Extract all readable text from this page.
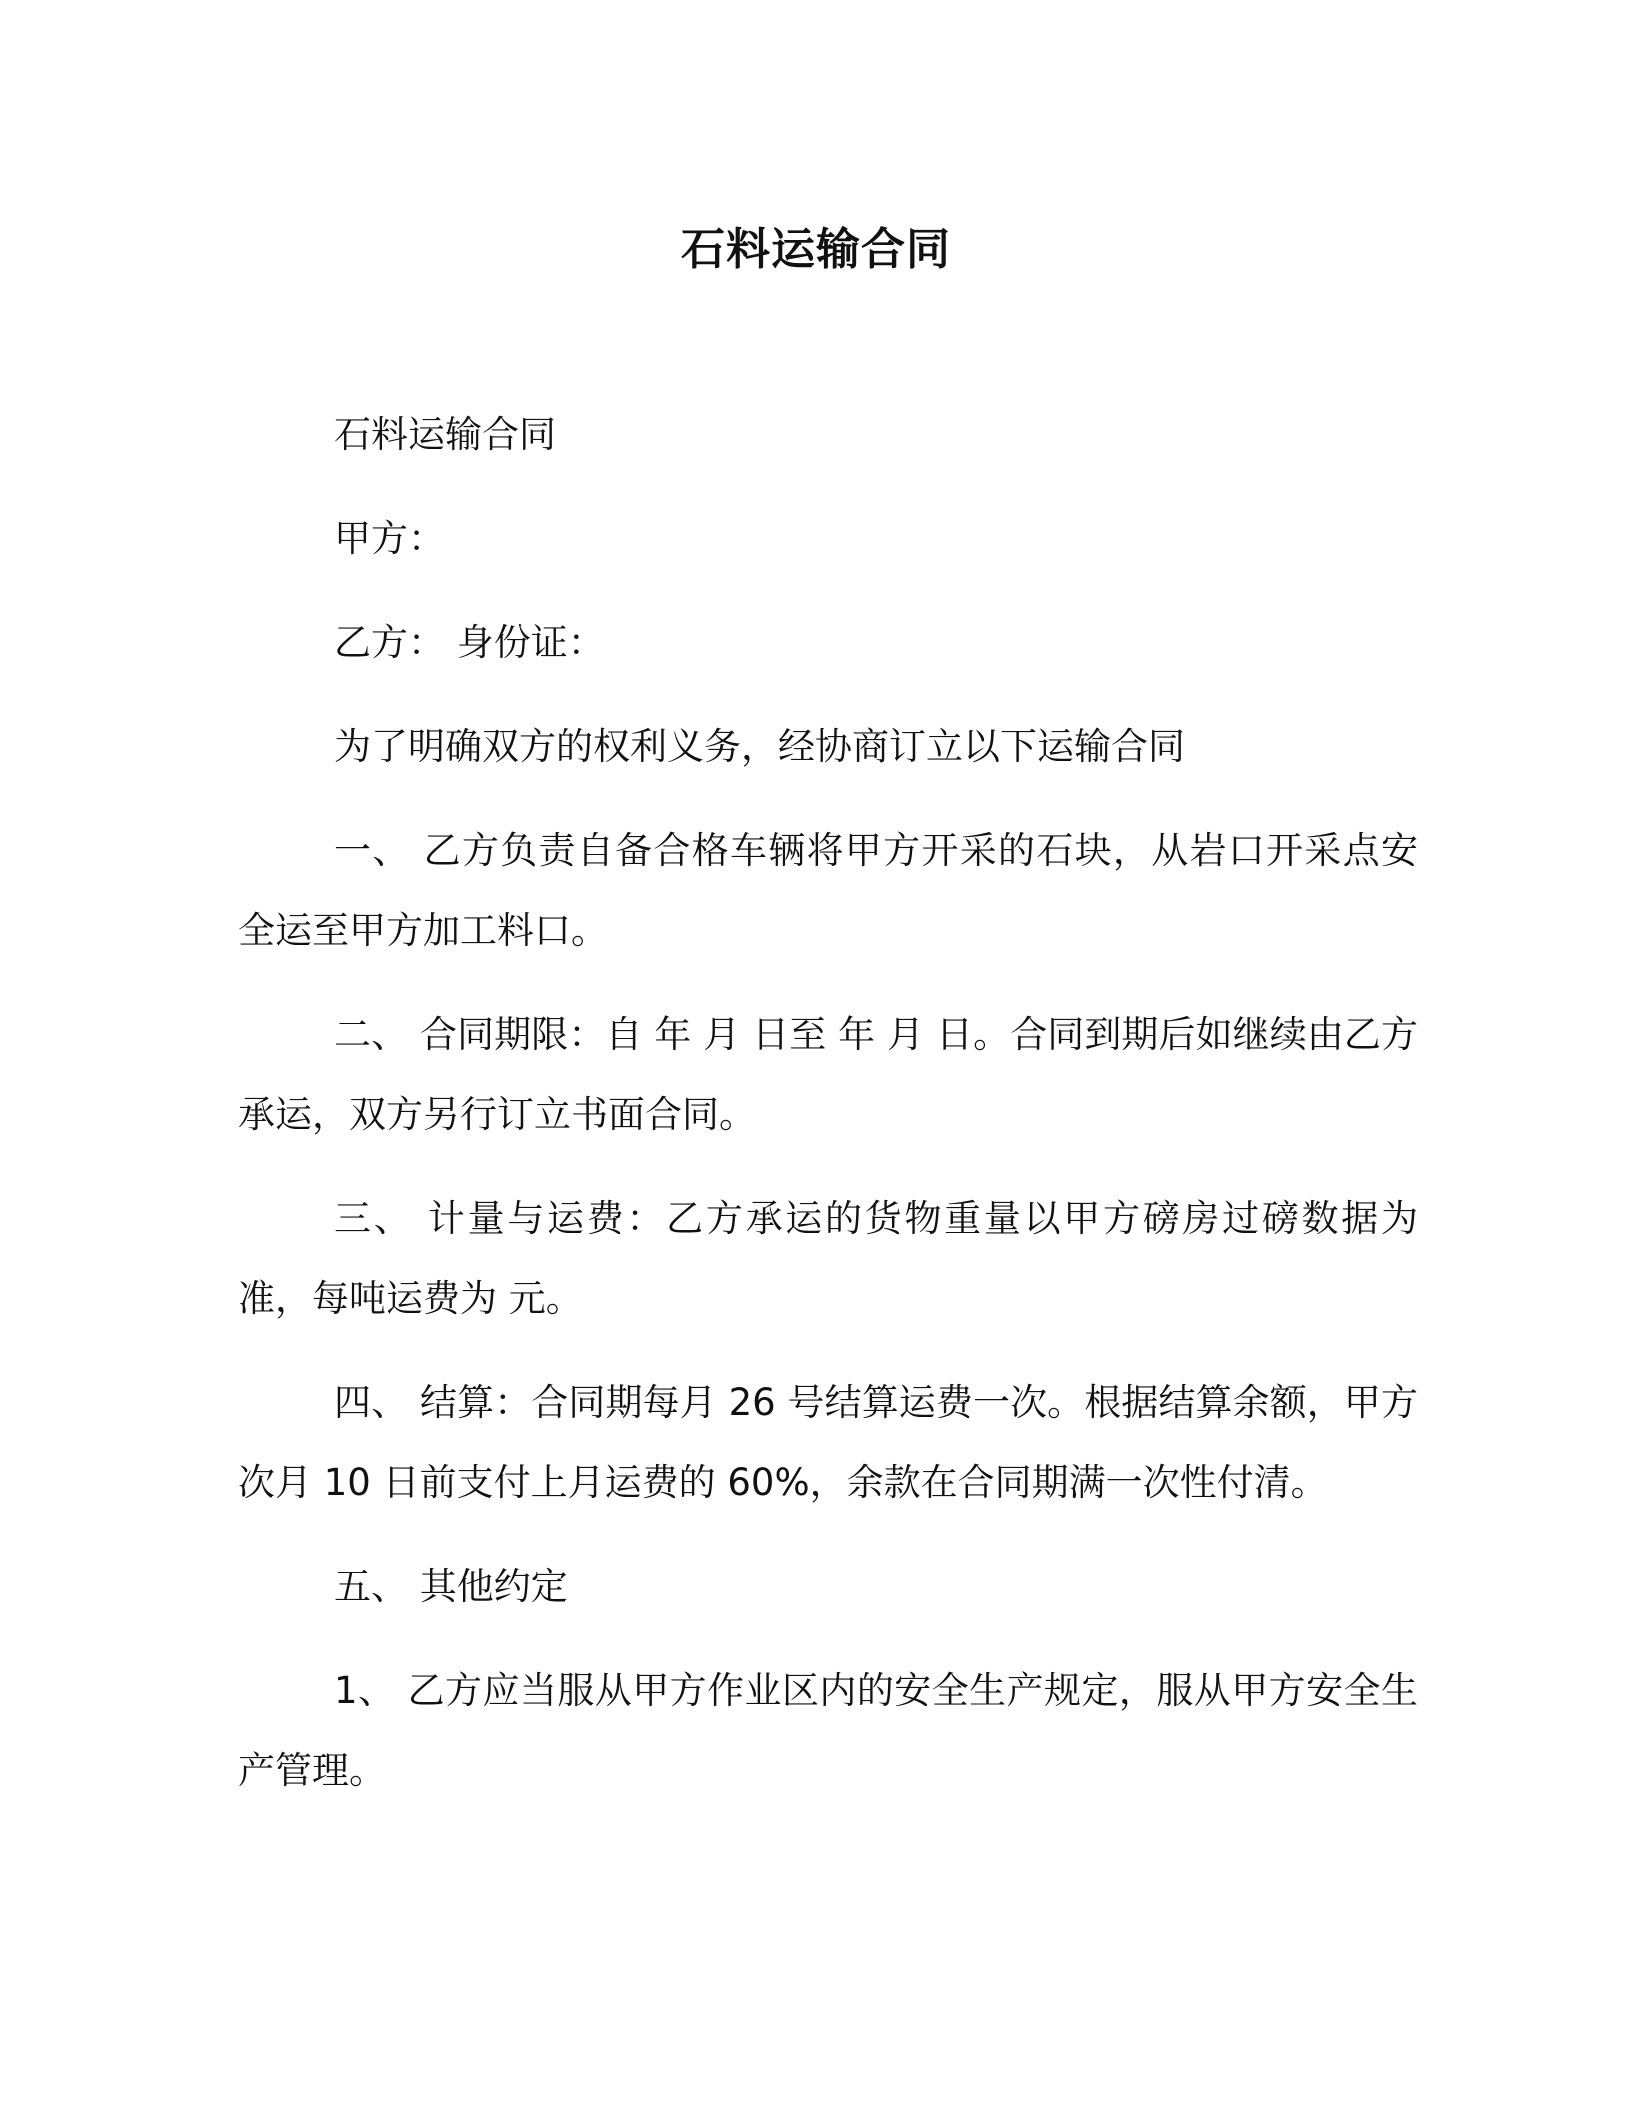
石料运输合同

石料运输合同

甲方：

乙方： 身份证：

为了明确双方的权利义务，经协商订立以下运输合同

一、 乙方负责自备合格车辆将甲方开采的石块，从岩口开采点安全运至甲方加工料口。

二、 合同期限：自 年 月 日至 年 月 日。合同到期后如继续由乙方承运，双方另行订立书面合同。

三、 计量与运费：乙方承运的货物重量以甲方磅房过磅数据为准，每吨运费为 元。

四、 结算：合同期每月 26 号结算运费一次。根据结算余额，甲方次月 10 日前支付上月运费的 60%，余款在合同期满一次性付清。

五、 其他约定

1、 乙方应当服从甲方作业区内的安全生产规定，服从甲方安全生产管理。
